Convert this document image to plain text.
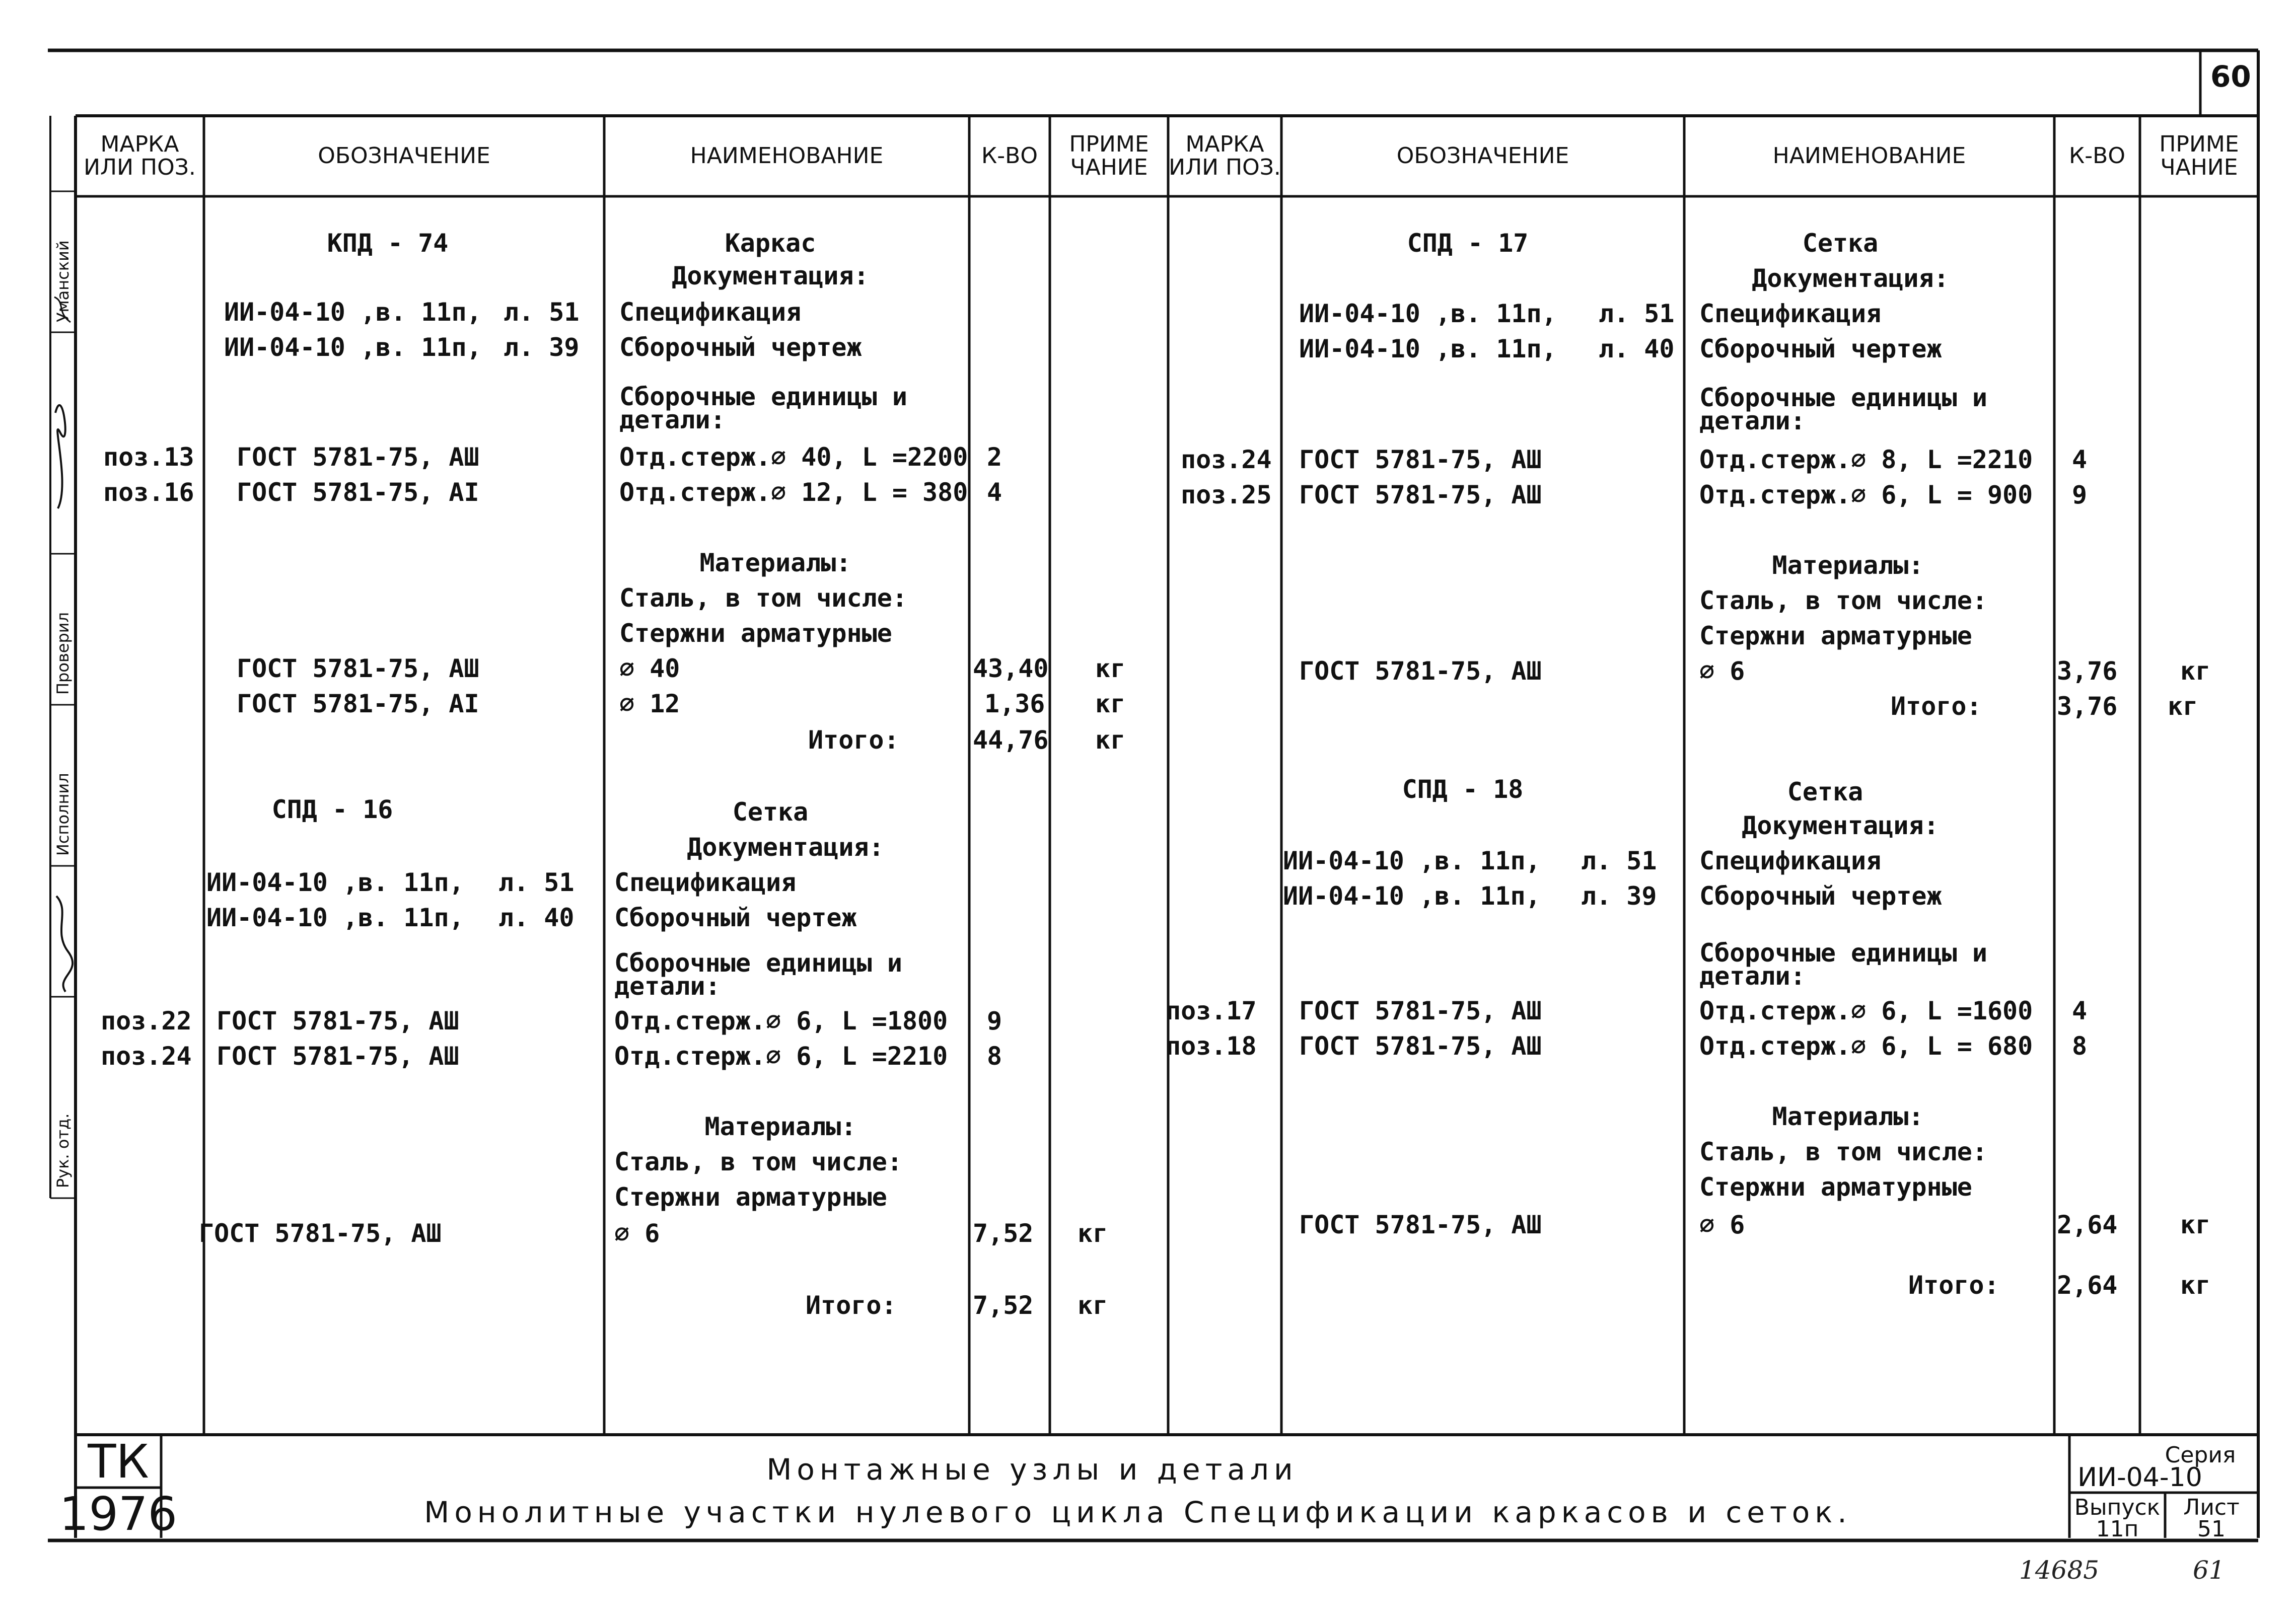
60
Уманский
Проверил
Исполнил
Рук. отд.
МАРКА ИЛИ ПОЗ.	ОБОЗНАЧЕНИЕ	НАИМЕНОВАНИЕ	К-ВО	ПРИМЕ ЧАНИЕ
МАРКА ИЛИ ПОЗ.	ОБОЗНАЧЕНИЕ	НАИМЕНОВАНИЕ	К-ВО	ПРИМЕ ЧАНИЕ
КПД - 74	Каркас
Документация:
ИИ-04-10 ,в. 11п, л. 51 Спецификация
ИИ-04-10 ,в. 11п, л. 39 Сборочный чертеж
Сборочные единицы и
детали:
поз.13 ГОСТ 5781-75, АШ	Отд.стерж.∅ 40, L =2200 2
поз.16 ГОСТ 5781-75, АI	Отд.стерж.∅ 12, L = 380 4
Материалы:
Сталь, в том числе:
Стержни арматурные
ГОСТ 5781-75, АШ	∅ 40	43,40 кг
ГОСТ 5781-75, АI	∅ 12	1,36 кг
Итого:	44,76 кг
СПД - 16	Сетка
Документация:
ИИ-04-10 ,в. 11п, л. 51 Спецификация
ИИ-04-10 ,в. 11п, л. 40 Сборочный чертеж
Сборочные единицы и
детали:
поз.22 ГОСТ 5781-75, АШ	Отд.стерж.∅ 6, L =1800 9
поз.24 ГОСТ 5781-75, АШ	Отд.стерж.∅ 6, L =2210 8
Материалы:
Сталь, в том числе:
Стержни арматурные
ГОСТ 5781-75, АШ	∅ 6	7,52 кг
Итого:	7,52 кг
СПД - 17	Сетка
Документация:
ИИ-04-10 ,в. 11п, л. 51 Спецификация
ИИ-04-10 ,в. 11п, л. 40 Сборочный чертеж
Сборочные единицы и
детали:
поз.24 ГОСТ 5781-75, АШ	Отд.стерж.∅ 8, L =2210 4
поз.25 ГОСТ 5781-75, АШ	Отд.стерж.∅ 6, L = 900 9
Материалы:
Сталь, в том числе:
Стержни арматурные
ГОСТ 5781-75, АШ	∅ 6	3,76 кг
Итого:	3,76 кг
СПД - 18	Сетка
Документация:
ИИ-04-10 ,в. 11п, л. 51 Спецификация
ИИ-04-10 ,в. 11п, л. 39 Сборочный чертеж
Сборочные единицы и
детали:
поз.17 ГОСТ 5781-75, АШ	Отд.стерж.∅ 6, L =1600 4
поз.18 ГОСТ 5781-75, АШ	Отд.стерж.∅ 6, L = 680 8
Материалы:
Сталь, в том числе:
Стержни арматурные
ГОСТ 5781-75, АШ	∅ 6	2,64 кг
Итого: 2,64 кг
ТК
1976
Монтажные узлы и детали
Монолитные участки нулевого цикла Спецификации каркасов и сеток.
Серия
ИИ-04-10
Выпуск
11п
Лист
51
14685	61
